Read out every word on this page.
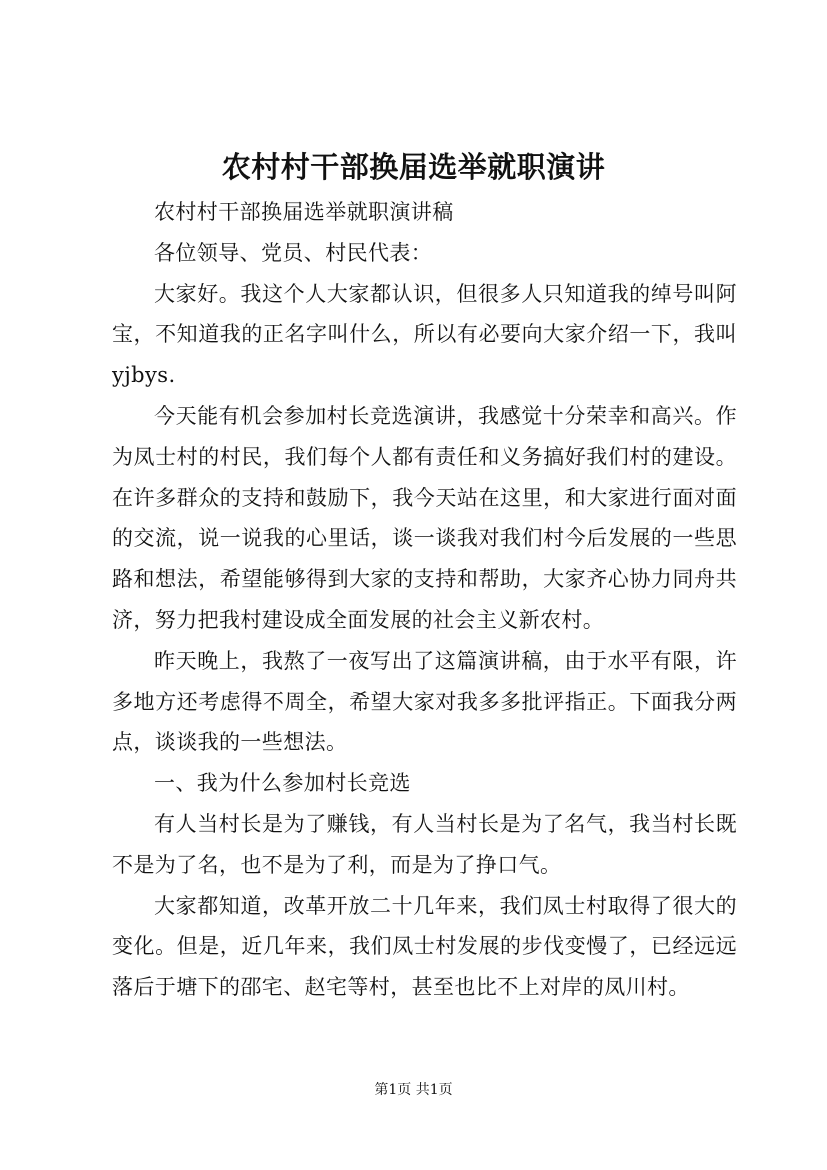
农村村干部换届选举就职演讲

农村村干部换届选举就职演讲稿

各位领导、党员、村民代表：

大家好。我这个人大家都认识，但很多人只知道我的绰号叫阿宝，不知道我的正名字叫什么，所以有必要向大家介绍一下，我叫 yjbys.

今天能有机会参加村长竞选演讲，我感觉十分荣幸和高兴。作为凤士村的村民，我们每个人都有责任和义务搞好我们村的建设。在许多群众的支持和鼓励下，我今天站在这里，和大家进行面对面的交流，说一说我的心里话，谈一谈我对我们村今后发展的一些思路和想法，希望能够得到大家的支持和帮助，大家齐心协力同舟共济，努力把我村建设成全面发展的社会主义新农村。

昨天晚上，我熬了一夜写出了这篇演讲稿，由于水平有限，许多地方还考虑得不周全，希望大家对我多多批评指正。下面我分两点，谈谈我的一些想法。

一、我为什么参加村长竞选

有人当村长是为了赚钱，有人当村长是为了名气，我当村长既不是为了名，也不是为了利，而是为了挣口气。

大家都知道，改革开放二十几年来，我们凤士村取得了很大的变化。但是，近几年来，我们凤士村发展的步伐变慢了，已经远远落后于塘下的邵宅、赵宅等村，甚至也比不上对岸的凤川村。

第1页 共1页
